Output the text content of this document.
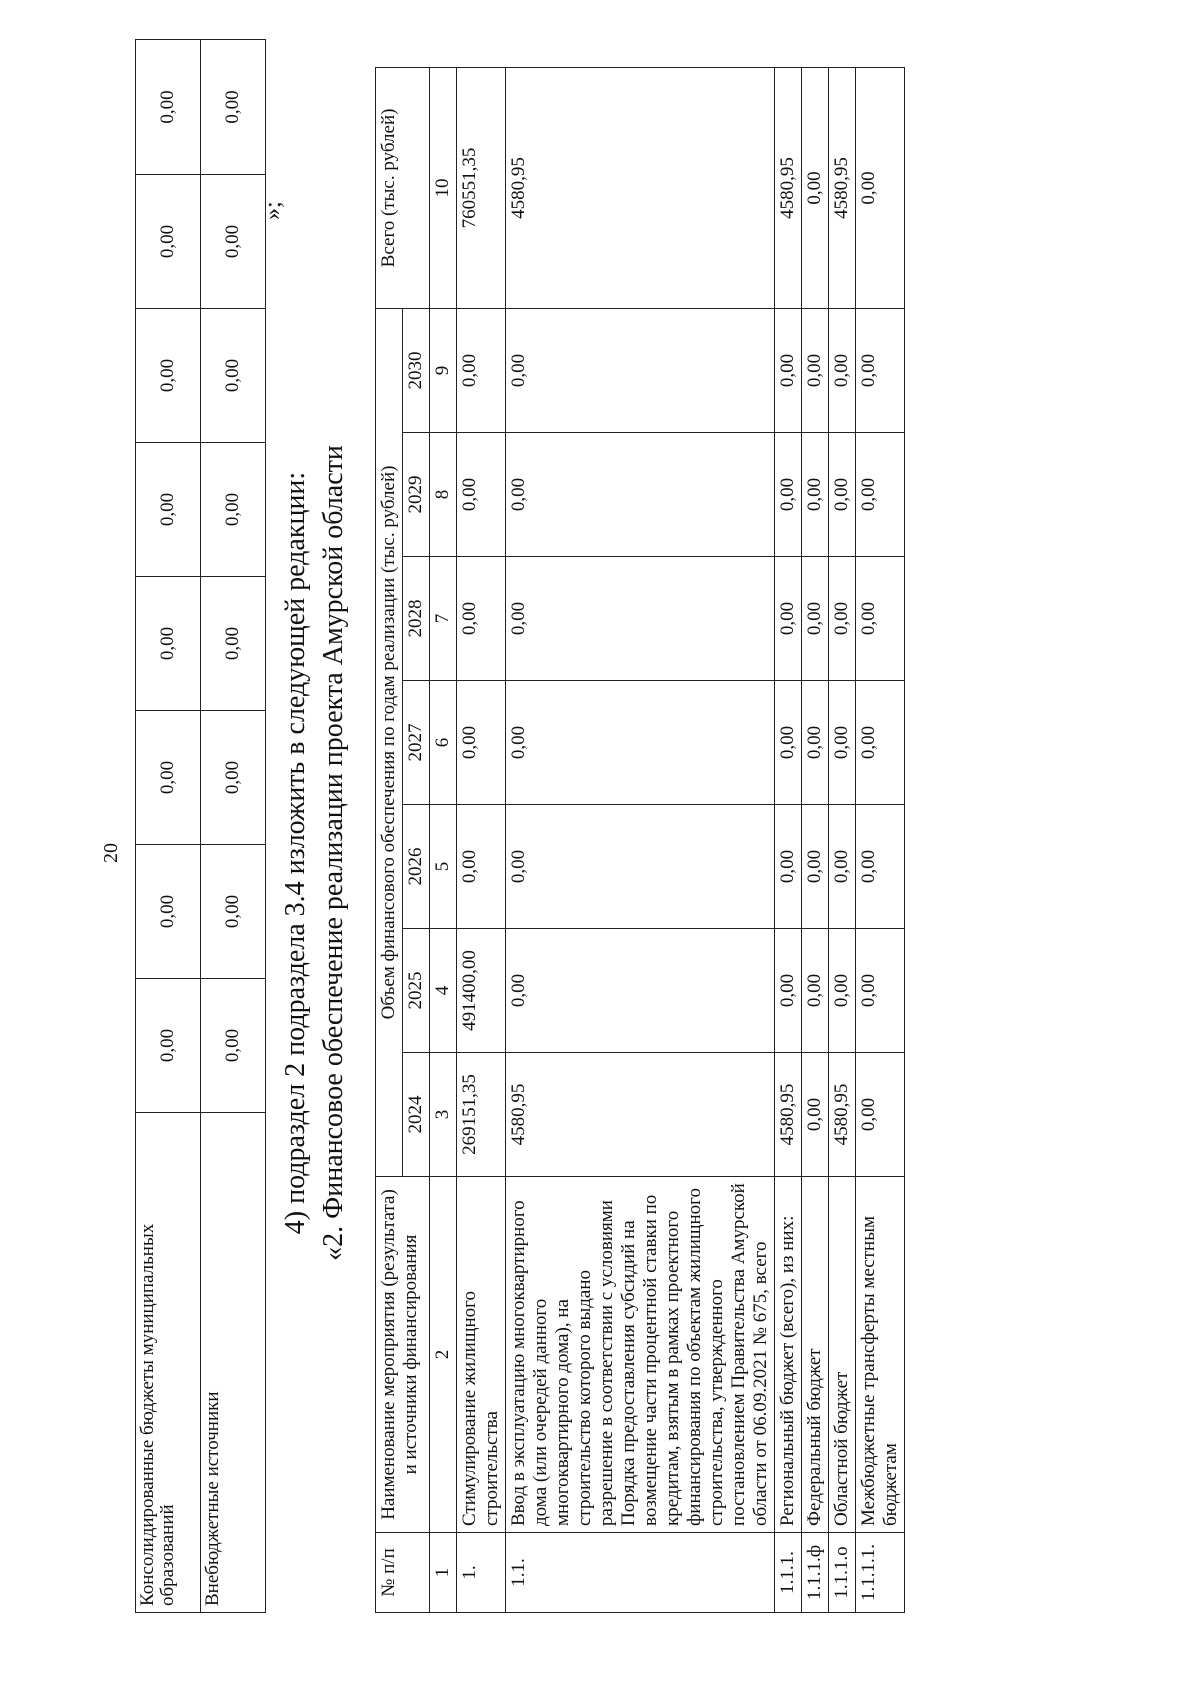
20
Консолидированные бюджеты муниципальных образований	0,00	0,00	0,00	0,00	0,00	0,00	0,00	0,00
Внебюджетные источники	0,00	0,00	0,00	0,00	0,00	0,00	0,00	0,00
»;
4) подраздел 2 подраздела 3.4 изложить в следующей редакции: «2. Финансовое обеспечение реализации проекта Амурской области
№ п/п	Наименование мероприятия (результата) и источники финансирования	Объем финансового обеспечения по годам реализации (тыс. рублей)							Всего (тыс. рублей)
		2024	2025	2026	2027	2028	2029	2030	
1	2	3	4	5	6	7	8	9	10
1.	Стимулирование жилищного строительства	269151,35	491400,00	0,00	0,00	0,00	0,00	0,00	760551,35
1.1.	Ввод в эксплуатацию многоквартирного дома (или очередей данного многоквартирного дома), на строительство которого выдано разрешение в соответствии с условиями Порядка предоставления субсидий на возмещение части процентной ставки по кредитам, взятым в рамках проектного финансирования по объектам жилищного строительства, утвержденного постановлением Правительства Амурской области от 06.09.2021 № 675, всего	4580,95	0,00	0,00	0,00	0,00	0,00	0,00	4580,95
1.1.1.	Региональный бюджет (всего), из них:	4580,95	0,00	0,00	0,00	0,00	0,00	0,00	4580,95
1.1.1.ф	Федеральный бюджет	0,00	0,00	0,00	0,00	0,00	0,00	0,00	0,00
1.1.1.о	Областной бюджет	4580,95	0,00	0,00	0,00	0,00	0,00	0,00	4580,95
1.1.1.1.	Межбюджетные трансферты местным бюджетам	0,00	0,00	0,00	0,00	0,00	0,00	0,00	0,00
